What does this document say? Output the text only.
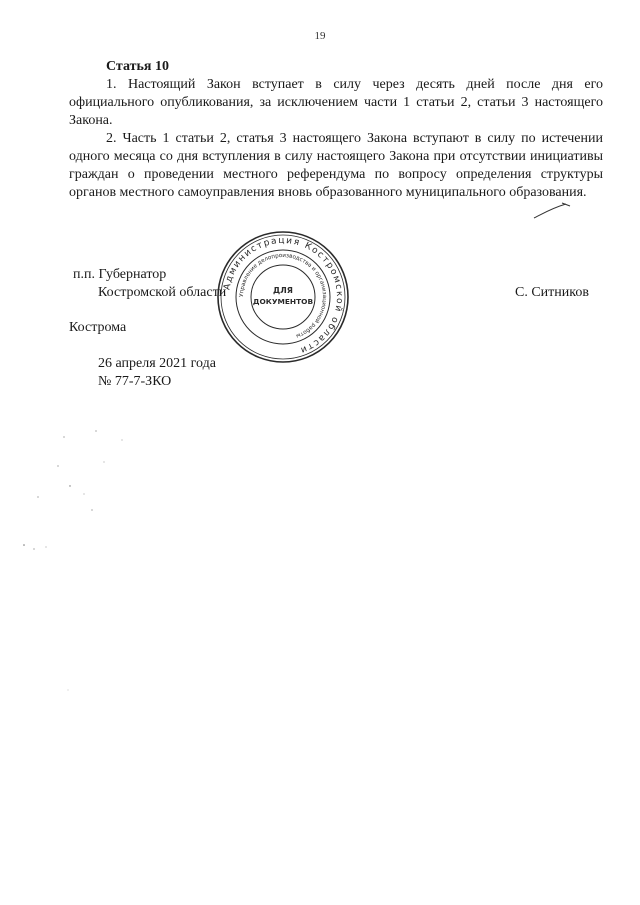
19
Статья 10

1. Настоящий Закон вступает в силу через десять дней после дня его официального опубликования, за исключением части 1 статьи 2, статьи 3 настоящего Закона.

2. Часть 1 статьи 2, статья 3 настоящего Закона вступают в силу по истечении одного месяца со дня вступления в силу настоящего Закона при отсутствии инициативы граждан о проведении местного референдума по вопросу определения структуры органов местного самоуправления вновь образованного муниципального образования.

п.п. Губернатор
Костромской области	С. Ситников
Администрация Костромской области
Управление делопроизводства и организационной работы
ДЛЯ
ДОКУМЕНТОВ
Кострома
26 апреля 2021 года
№ 77-7-ЗКО
